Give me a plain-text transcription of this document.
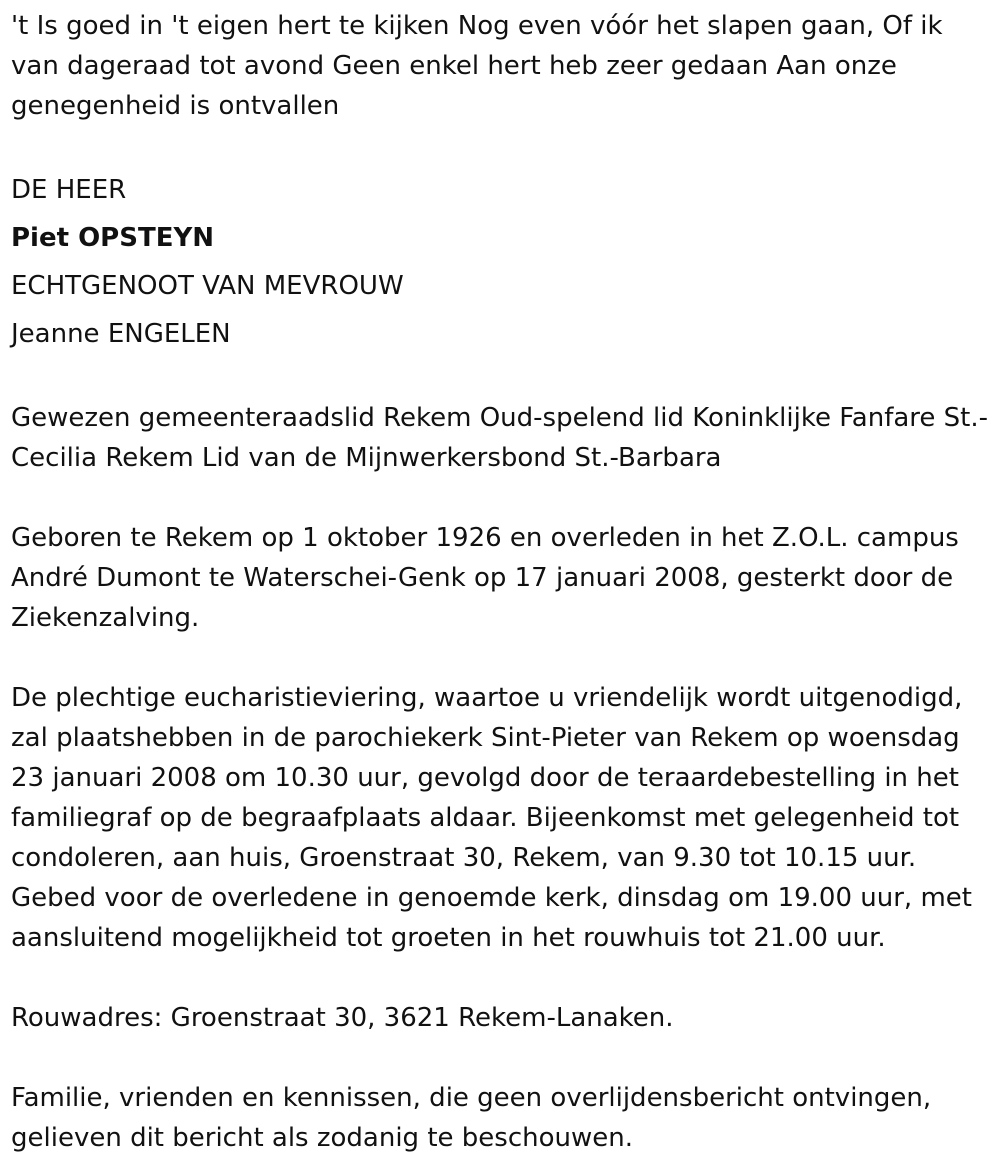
't Is goed in 't eigen hert te kijken Nog even vóór het slapen gaan, Of ik van dageraad tot avond Geen enkel hert heb zeer gedaan Aan onze genegenheid is ontvallen

DE HEER

Piet OPSTEYN

ECHTGENOOT VAN MEVROUW

Jeanne ENGELEN

Gewezen gemeenteraadslid Rekem Oud-spelend lid Koninklijke Fanfare St.-Cecilia Rekem Lid van de Mijnwerkersbond St.-Barbara

Geboren te Rekem op 1 oktober 1926 en overleden in het Z.O.L. campus André Dumont te Waterschei-Genk op 17 januari 2008, gesterkt door de Ziekenzalving.

De plechtige eucharistieviering, waartoe u vriendelijk wordt uitgenodigd, zal plaatshebben in de parochiekerk Sint-Pieter van Rekem op woensdag 23 januari 2008 om 10.30 uur, gevolgd door de teraardebestelling in het familiegraf op de begraafplaats aldaar. Bijeenkomst met gelegenheid tot condoleren, aan huis, Groenstraat 30, Rekem, van 9.30 tot 10.15 uur. Gebed voor de overledene in genoemde kerk, dinsdag om 19.00 uur, met aansluitend mogelijkheid tot groeten in het rouwhuis tot 21.00 uur.

Rouwadres: Groenstraat 30, 3621 Rekem-Lanaken.

Familie, vrienden en kennissen, die geen overlijdensbericht ontvingen, gelieven dit bericht als zodanig te beschouwen.
